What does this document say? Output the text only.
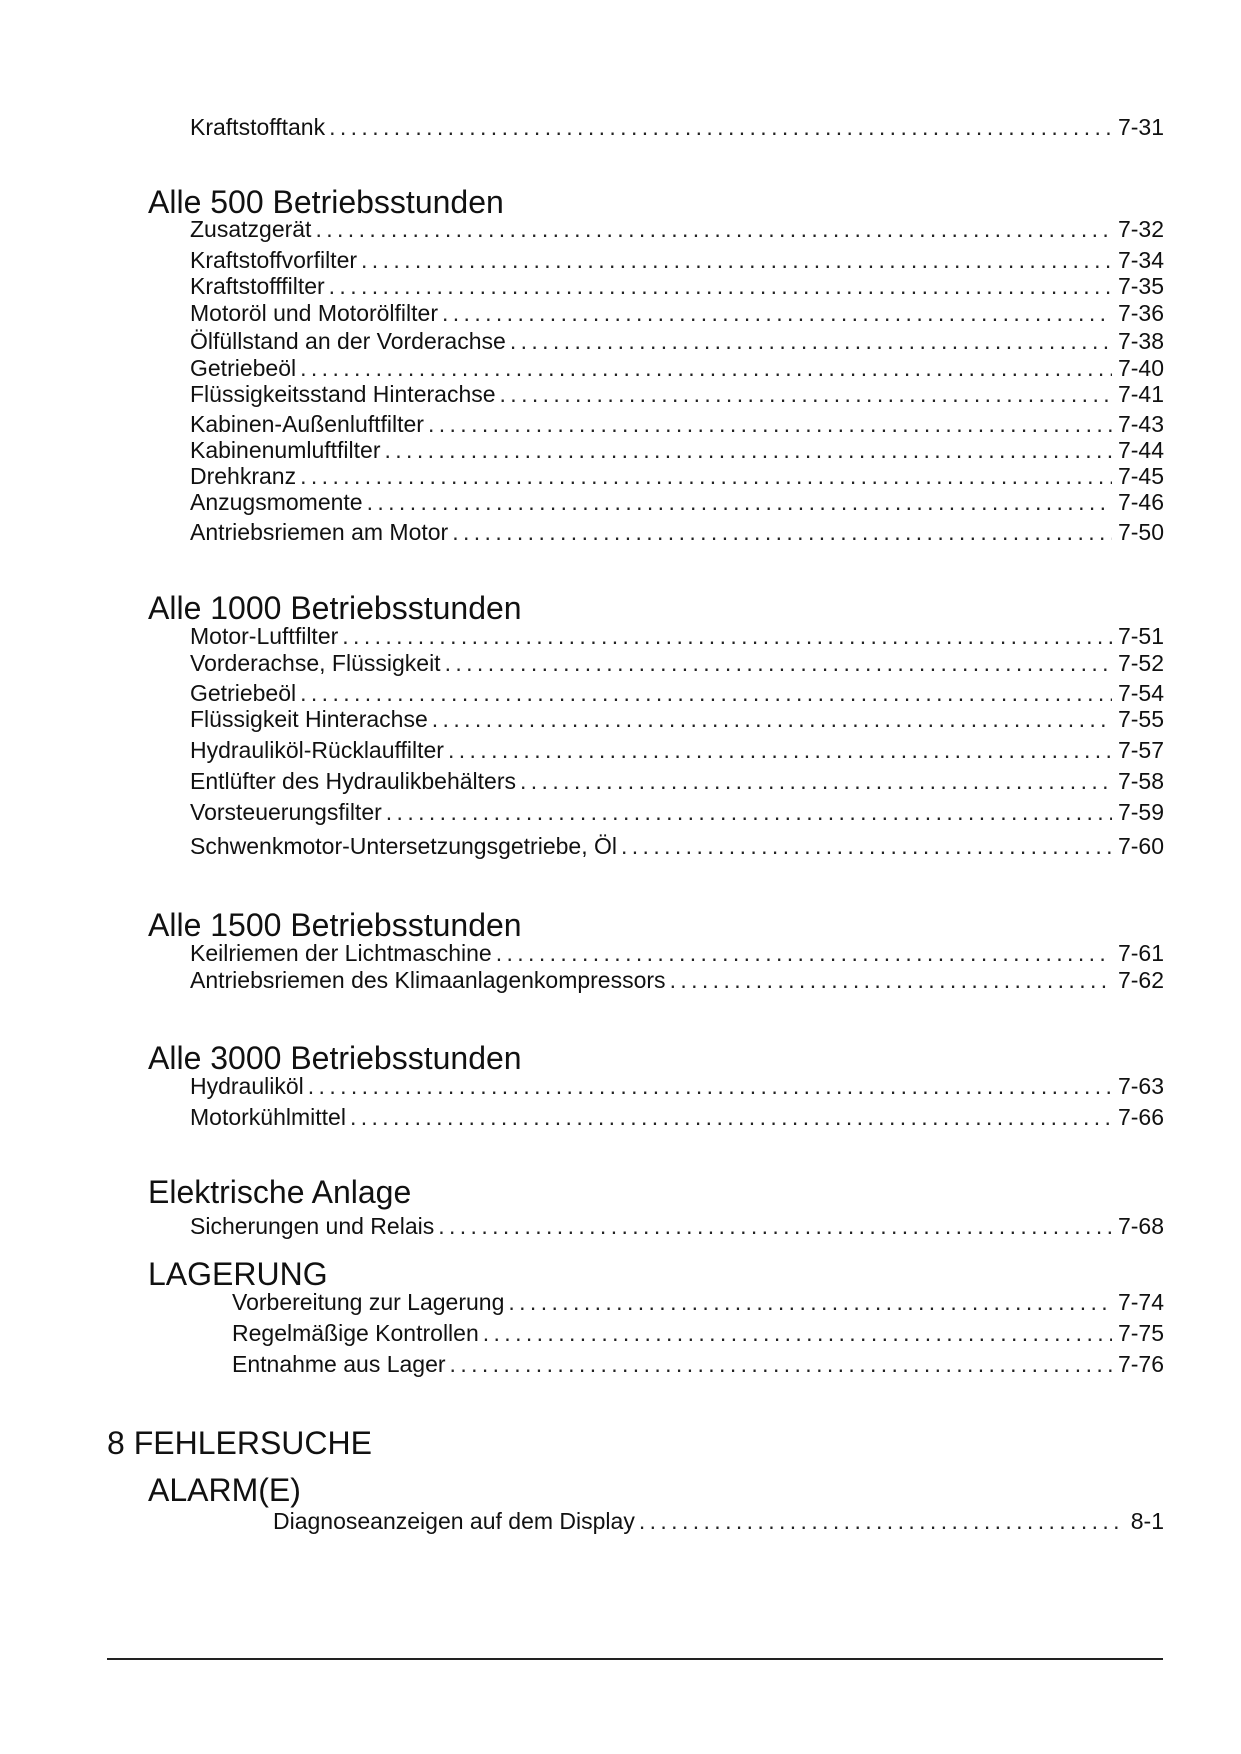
Kraftstofftank . . .	7-31
Alle 500 Betriebsstunden
Zusatzgerät . . .	7-32
Kraftstoffvorfilter . . .	7-34
Kraftstofffilter . . .	7-35
Motoröl und Motorölfilter . . .	7-36
Ölfüllstand an der Vorderachse . . .	7-38
Getriebeöl . . .	7-40
Flüssigkeitsstand Hinterachse . . .	7-41
Kabinen-Außenluftfilter . . .	7-43
Kabinenumluftfilter . . .	7-44
Drehkranz . . .	7-45
Anzugsmomente . . .	7-46
Antriebsriemen am Motor . . .	7-50
Alle 1000 Betriebsstunden
Motor-Luftfilter . . .	7-51
Vorderachse, Flüssigkeit . . .	7-52
Getriebeöl . . .	7-54
Flüssigkeit Hinterachse . . .	7-55
Hydrauliköl-Rücklauffilter . . .	7-57
Entlüfter des Hydraulikbehälters . . .	7-58
Vorsteuerungsfilter . . .	7-59
Schwenkmotor-Untersetzungsgetriebe, Öl . . .	7-60
Alle 1500 Betriebsstunden
Keilriemen der Lichtmaschine . . .	7-61
Antriebsriemen des Klimaanlagenkompressors . . .	7-62
Alle 3000 Betriebsstunden
Hydrauliköl . . .	7-63
Motorkühlmittel . . .	7-66
Elektrische Anlage
Sicherungen und Relais . . .	7-68
LAGERUNG
Vorbereitung zur Lagerung . . .	7-74
Regelmäßige Kontrollen . . .	7-75
Entnahme aus Lager . . .	7-76
8 FEHLERSUCHE
ALARM(E)
Diagnoseanzeigen auf dem Display . . .	8-1
